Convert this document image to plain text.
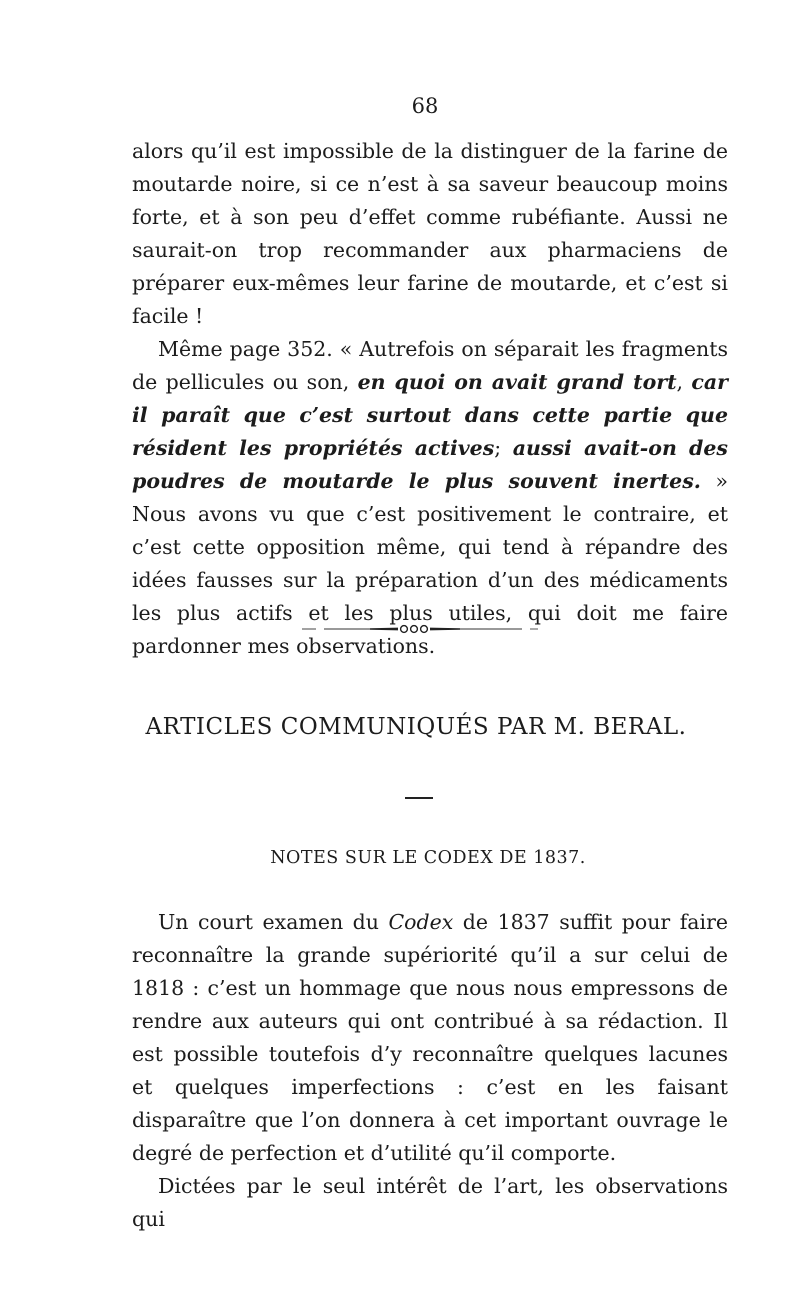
68

alors qu’il est impossible de la distinguer de la farine de moutarde noire, si ce n’est à sa saveur beaucoup moins forte, et à son peu d’effet comme rubéfiante. Aussi ne saurait-on trop recommander aux pharmaciens de préparer eux-mêmes leur farine de moutarde, et c’est si facile !

Même page 352. « Autrefois on séparait les fragments de pellicules ou son, en quoi on avait grand tort, car il paraît que c’est surtout dans cette partie que résident les propriétés actives; aussi avait-on des poudres de moutarde le plus souvent inertes. » Nous avons vu que c’est positivement le contraire, et c’est cette opposition même, qui tend à répandre des idées fausses sur la préparation d’un des médicaments les plus actifs et les plus utiles, qui doit me faire pardonner mes observations.

ARTICLES COMMUNIQUÉS PAR M. BERAL.
NOTES SUR LE CODEX DE 1837.

Un court examen du Codex de 1837 suffit pour faire reconnaître la grande supériorité qu’il a sur celui de 1818 : c’est un hommage que nous nous empressons de rendre aux auteurs qui ont contribué à sa rédaction. Il est possible toutefois d’y reconnaître quelques lacunes et quelques imperfections : c’est en les faisant disparaître que l’on donnera à cet important ouvrage le degré de perfection et d’utilité qu’il comporte.

Dictées par le seul intérêt de l’art, les observations qui
